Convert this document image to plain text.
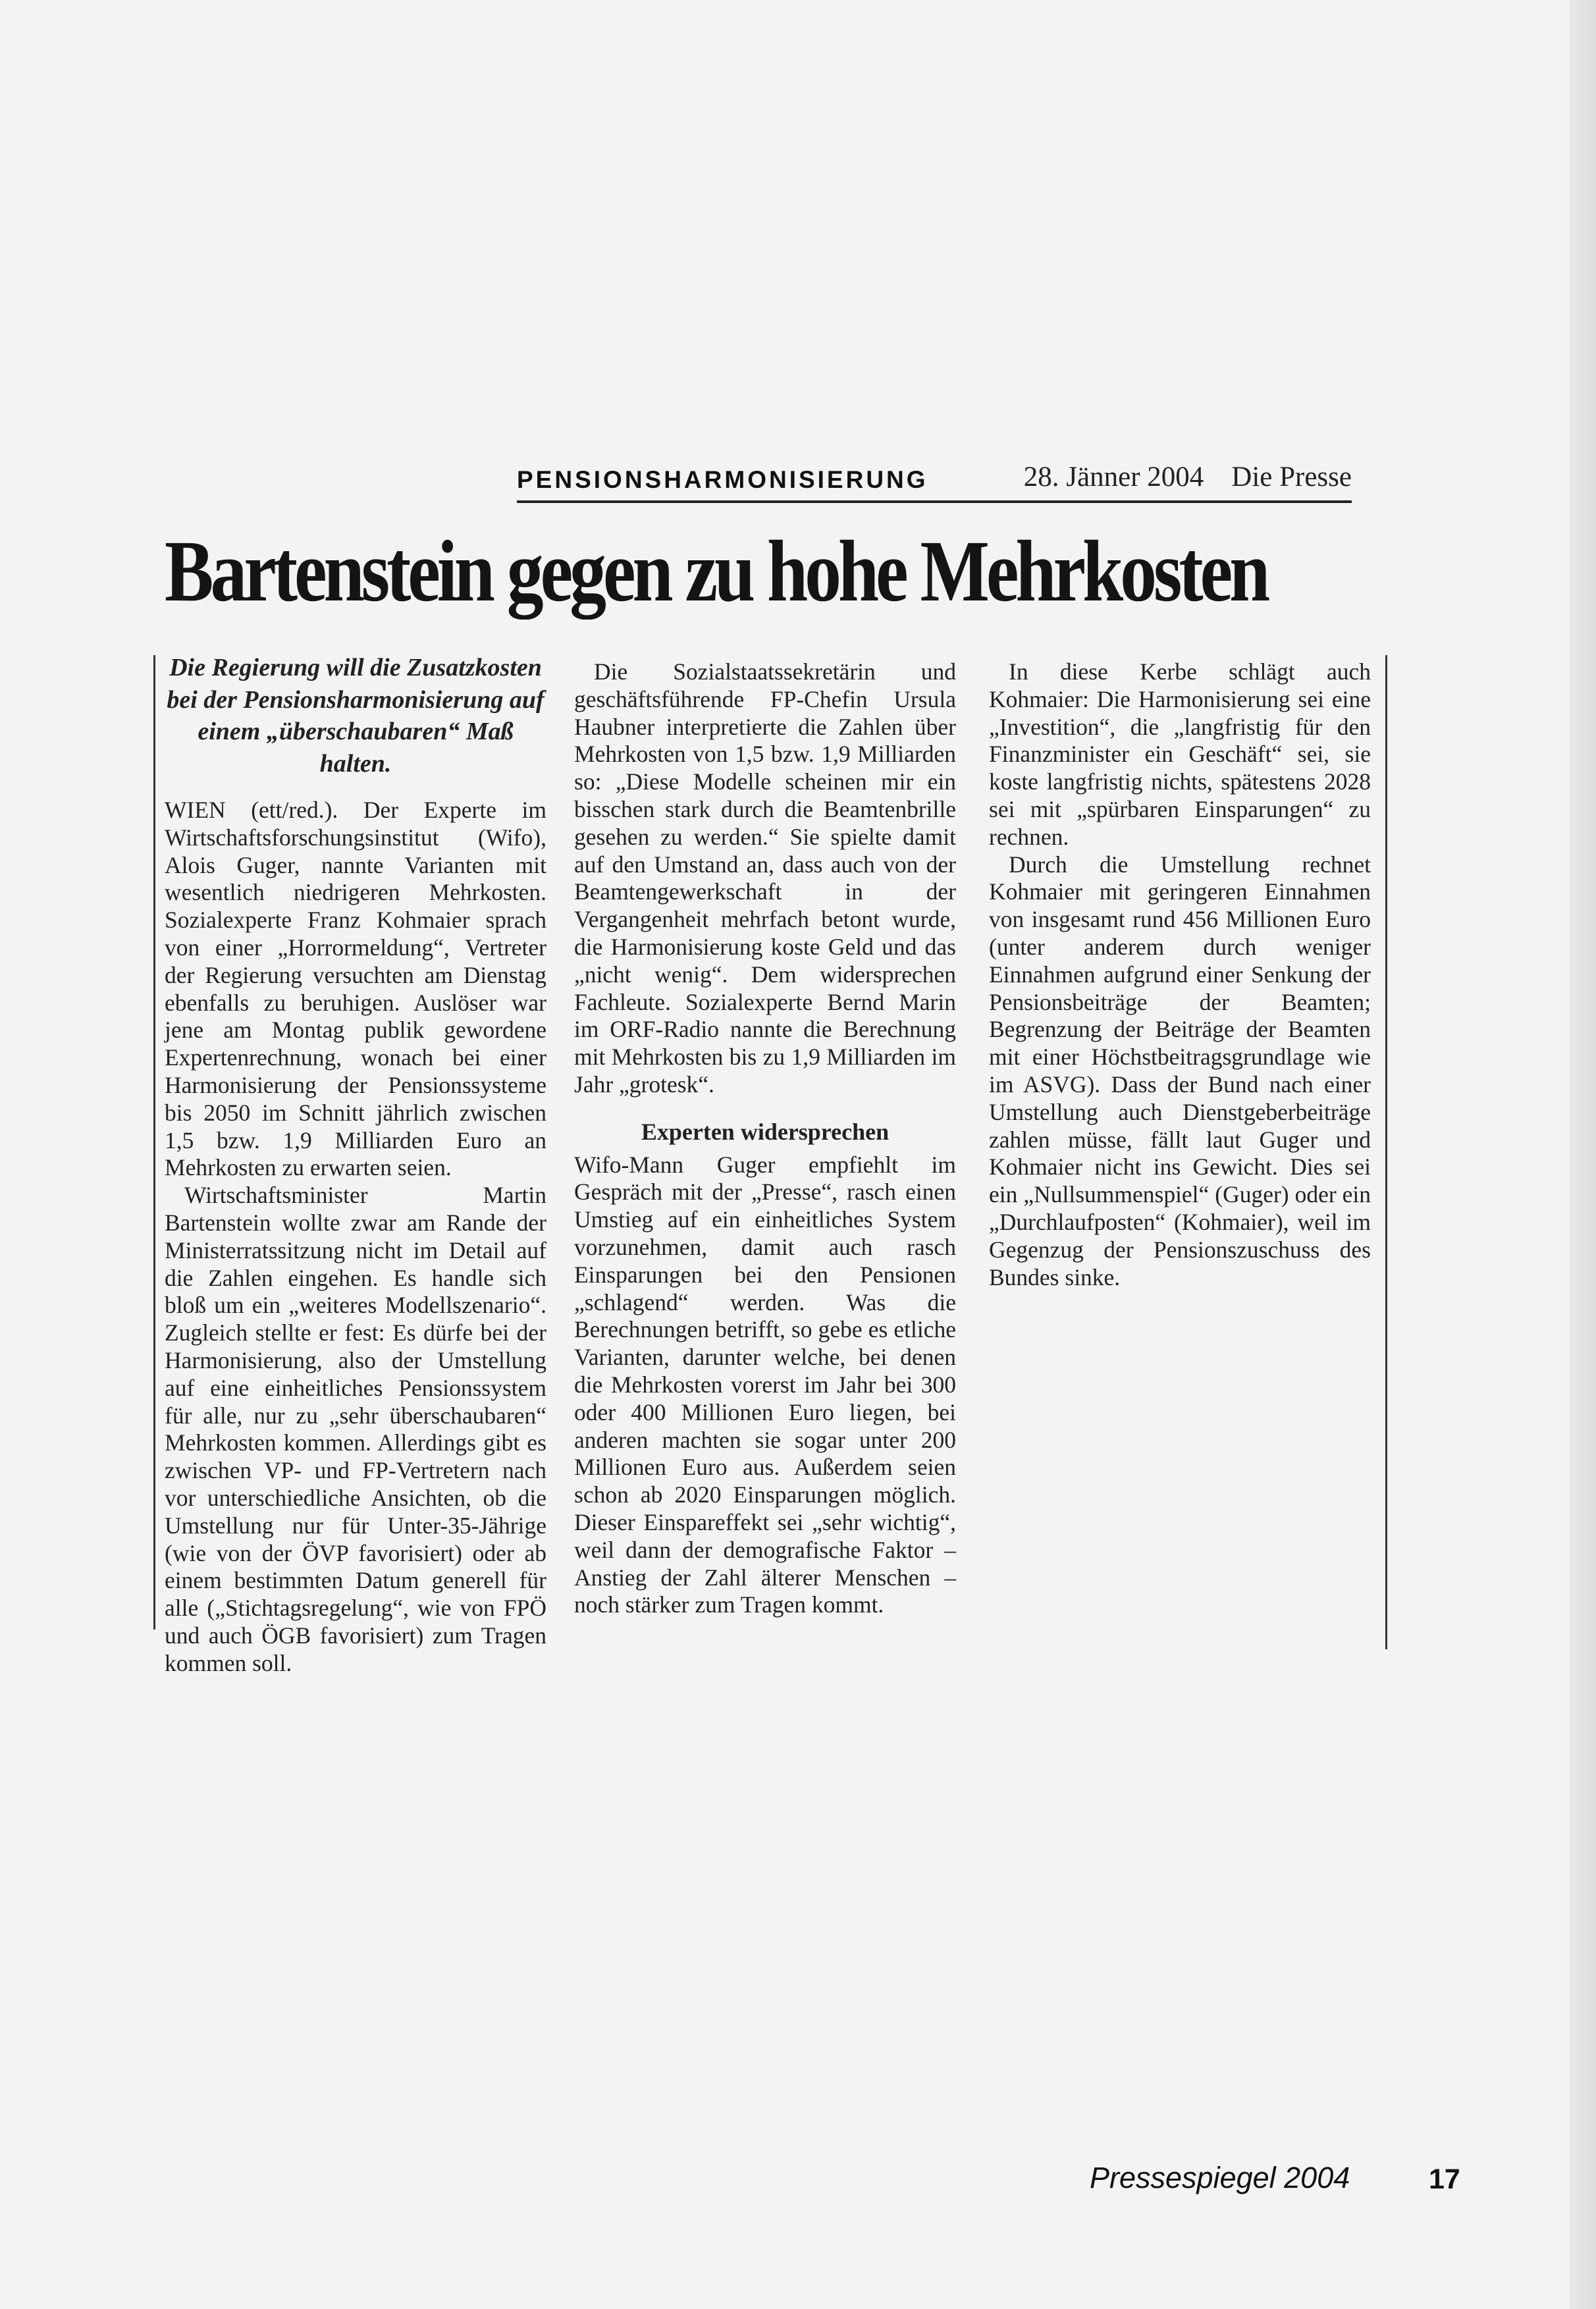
PENSIONSHARMONISIERUNG	28. Jänner 2004 Die Presse
Bartenstein gegen zu hohe Mehrkosten
Die Regierung will die Zusatzkosten bei der Pensionsharmonisierung auf einem „überschaubaren“ Maß halten.

WIEN (ett/red.). Der Experte im Wirtschaftsforschungsinstitut (Wifo), Alois Guger, nannte Varianten mit wesentlich niedrigeren Mehrkosten. Sozialexperte Franz Kohmaier sprach von einer „Horrormeldung“, Vertreter der Regierung versuchten am Dienstag ebenfalls zu beruhigen. Auslöser war jene am Montag publik gewordene Expertenrechnung, wonach bei einer Harmonisierung der Pensionssysteme bis 2050 im Schnitt jährlich zwischen 1,5 bzw. 1,9 Milliarden Euro an Mehrkosten zu erwarten seien.

Wirtschaftsminister Martin Bartenstein wollte zwar am Rande der Ministerratssitzung nicht im Detail auf die Zahlen eingehen. Es handle sich bloß um ein „weiteres Modellszenario“. Zugleich stellte er fest: Es dürfe bei der Harmonisierung, also der Umstellung auf eine einheitliches Pensionssystem für alle, nur zu „sehr überschaubaren“ Mehrkosten kommen. Allerdings gibt es zwischen VP- und FP-Vertretern nach vor unterschiedliche Ansichten, ob die Umstellung nur für Unter-35-Jährige (wie von der ÖVP favorisiert) oder ab einem bestimmten Datum generell für alle („Stichtagsregelung“, wie von FPÖ und auch ÖGB favorisiert) zum Tragen kommen soll.

Die Sozialstaatssekretärin und geschäftsführende FP-Chefin Ursula Haubner interpretierte die Zahlen über Mehrkosten von 1,5 bzw. 1,9 Milliarden so: „Diese Modelle scheinen mir ein bisschen stark durch die Beamtenbrille gesehen zu werden.“ Sie spielte damit auf den Umstand an, dass auch von der Beamtengewerkschaft in der Vergangenheit mehrfach betont wurde, die Harmonisierung koste Geld und das „nicht wenig“. Dem widersprechen Fachleute. Sozialexperte Bernd Marin im ORF-Radio nannte die Berechnung mit Mehrkosten bis zu 1,9 Milliarden im Jahr „grotesk“.

Experten widersprechen

Wifo-Mann Guger empfiehlt im Gespräch mit der „Presse“, rasch einen Umstieg auf ein einheitliches System vorzunehmen, damit auch rasch Einsparungen bei den Pensionen „schlagend“ werden. Was die Berechnungen betrifft, so gebe es etliche Varianten, darunter welche, bei denen die Mehrkosten vorerst im Jahr bei 300 oder 400 Millionen Euro liegen, bei anderen machten sie sogar unter 200 Millionen Euro aus. Außerdem seien schon ab 2020 Einsparungen möglich. Dieser Einspareffekt sei „sehr wichtig“, weil dann der demografische Faktor – Anstieg der Zahl älterer Menschen – noch stärker zum Tragen kommt.

In diese Kerbe schlägt auch Kohmaier: Die Harmonisierung sei eine „Investition“, die „langfristig für den Finanzminister ein Geschäft“ sei, sie koste langfristig nichts, spätestens 2028 sei mit „spürbaren Einsparungen“ zu rechnen.

Durch die Umstellung rechnet Kohmaier mit geringeren Einnahmen von insgesamt rund 456 Millionen Euro (unter anderem durch weniger Einnahmen aufgrund einer Senkung der Pensionsbeiträge der Beamten; Begrenzung der Beiträge der Beamten mit einer Höchstbeitragsgrundlage wie im ASVG). Dass der Bund nach einer Umstellung auch Dienstgeberbeiträge zahlen müsse, fällt laut Guger und Kohmaier nicht ins Gewicht. Dies sei ein „Nullsummenspiel“ (Guger) oder ein „Durchlaufposten“ (Kohmaier), weil im Gegenzug der Pensionszuschuss des Bundes sinke.

Pressespiegel 2004	17
